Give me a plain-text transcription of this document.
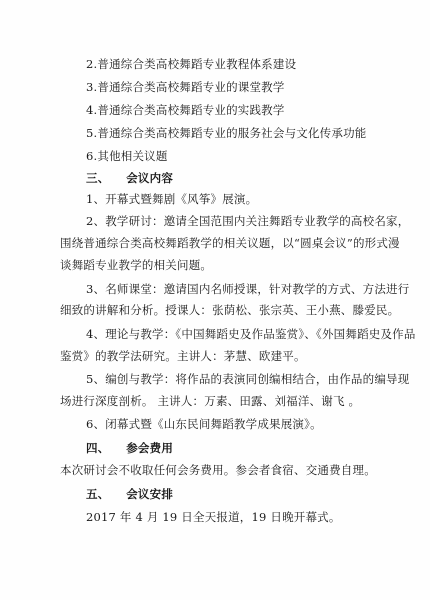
2.普通综合类高校舞蹈专业教程体系建设
3.普通综合类高校舞蹈专业的课堂教学
4.普通综合类高校舞蹈专业的实践教学
5.普通综合类高校舞蹈专业的服务社会与文化传承功能
6.其他相关议题
三、 会议内容
1、开幕式暨舞剧《风筝》展演。
2、教学研讨：邀请全国范围内关注舞蹈专业教学的高校名家，
围绕普通综合类高校舞蹈教学的相关议题，以“圆桌会议”的形式漫
谈舞蹈专业教学的相关问题。
3、名师课堂：邀请国内名师授课，针对教学的方式、方法进行
细致的讲解和分析。授课人：张荫松、张宗英、王小燕、滕爱民。
4、理论与教学：《中国舞蹈史及作品鉴赏》、《外国舞蹈史及作品
鉴赏》的教学法研究。主讲人：茅慧、欧建平。
5、编创与教学：将作品的表演同创编相结合，由作品的编导现
场进行深度剖析。 主讲人：万素、田露、刘福洋、谢飞 。
6、闭幕式暨《山东民间舞蹈教学成果展演》。
四、 参会费用
本次研讨会不收取任何会务费用。参会者食宿、交通费自理。
五、 会议安排
2017 年 4 月 19 日全天报道，19 日晚开幕式。
